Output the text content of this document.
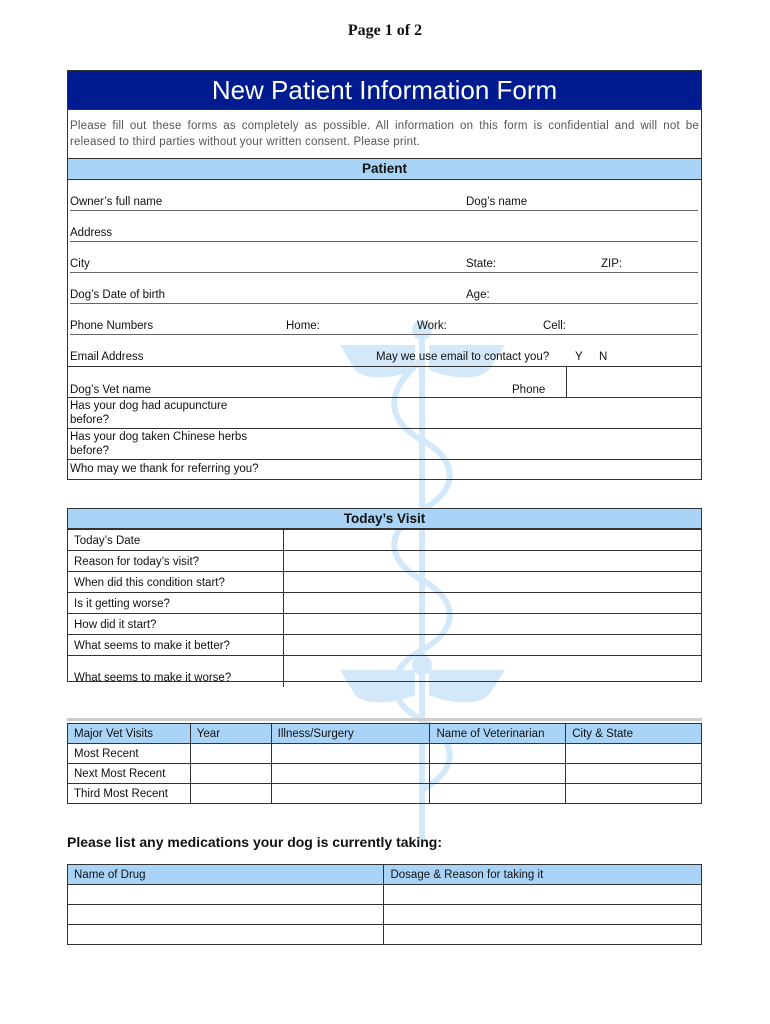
Page 1 of 2
New Patient Information Form
Please fill out these forms as completely as possible. All information on this form is confidential and will not be released to third parties without your written consent. Please print.
Patient
Owner’s full name	Dog’s name
Address
City	State:	ZIP:
Dog’s Date of birth	Age:
Phone Numbers	Home:	Work:	Cell:
Email Address	May we use email to contact you? Y N
Dog’s Vet name	Phone
Has your dog had acupuncture before?
Has your dog taken Chinese herbs before?
Who may we thank for referring you?
Today’s Visit
Today’s Date
Reason for today’s visit?
When did this condition start?
Is it getting worse?
How did it start?
What seems to make it better?
What seems to make it worse?
Major Vet Visits	Year	Illness/Surgery	Name of Veterinarian	City & State
Most Recent				
Next Most Recent				
Third Most Recent				
Please list any medications your dog is currently taking:
Name of Drug	Dosage & Reason for taking it
